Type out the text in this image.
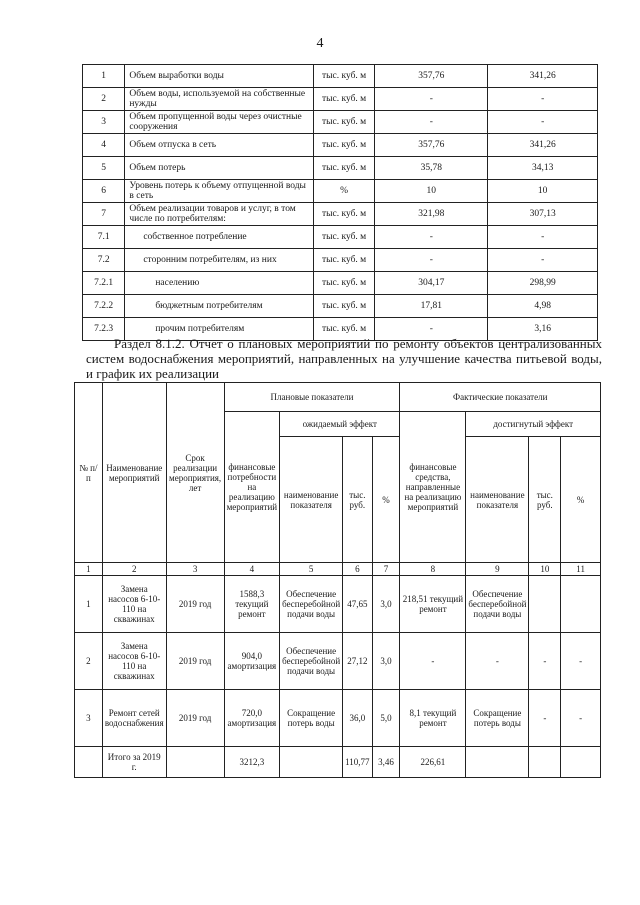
4
1	Объем выработки воды	тыс. куб. м	357,76	341,26
2	Объем воды, используемой на собственные нужды	тыс. куб. м	-	-
3	Объем пропущенной воды через очистные сооружения	тыс. куб. м	-	-
4	Объем отпуска в сеть	тыс. куб. м	357,76	341,26
5	Объем потерь	тыс. куб. м	35,78	34,13
6	Уровень потерь к объему отпущенной воды в сеть	%	10	10
7	Объем реализации товаров и услуг, в том числе по потребителям:	тыс. куб. м	321,98	307,13
7.1	собственное потребление	тыс. куб. м	-	-
7.2	сторонним потребителям, из них	тыс. куб. м	-	-
7.2.1	населению	тыс. куб. м	304,17	298,99
7.2.2	бюджетным потребителям	тыс. куб. м	17,81	4,98
7.2.3	прочим потребителям	тыс. куб. м	-	3,16
Раздел 8.1.2. Отчет о плановых мероприятий по ремонту объектов централизованных систем водоснабжения мероприятий, направленных на улучшение качества питьевой воды, и график их реализации
№ п/п	Наименование мероприятий	Срок реализации мероприятия, лет	Плановые показатели				Фактические показатели			
			финансовые потребности на реализацию мероприятий	ожидаемый эффект			финансовые средства, направленные на реализацию мероприятий	достигнутый эффект		
				наименование показателя	тыс. руб.	%		наименование показателя	тыс. руб.	%
1	2	3	4	5	6	7	8	9	10	11
1	Замена насосов 6-10-110 на скважинах	2019 год	1588,3 текущий ремонт	Обеспечение бесперебойной подачи воды	47,65	3,0	218,51 текущий ремонт	Обеспечение бесперебойной подачи воды		
2	Замена насосов 6-10-110 на скважинах	2019 год	904,0 амортизация	Обеспечение бесперебойной подачи воды	27,12	3,0	-	-	-	-
3	Ремонт сетей водоснабжения	2019 год	720,0 амортизация	Сокращение потерь воды	36,0	5,0	8,1 текущий ремонт	Сокращение потерь воды	-	-
	Итого за 2019 г.		3212,3		110,77	3,46	226,61			
